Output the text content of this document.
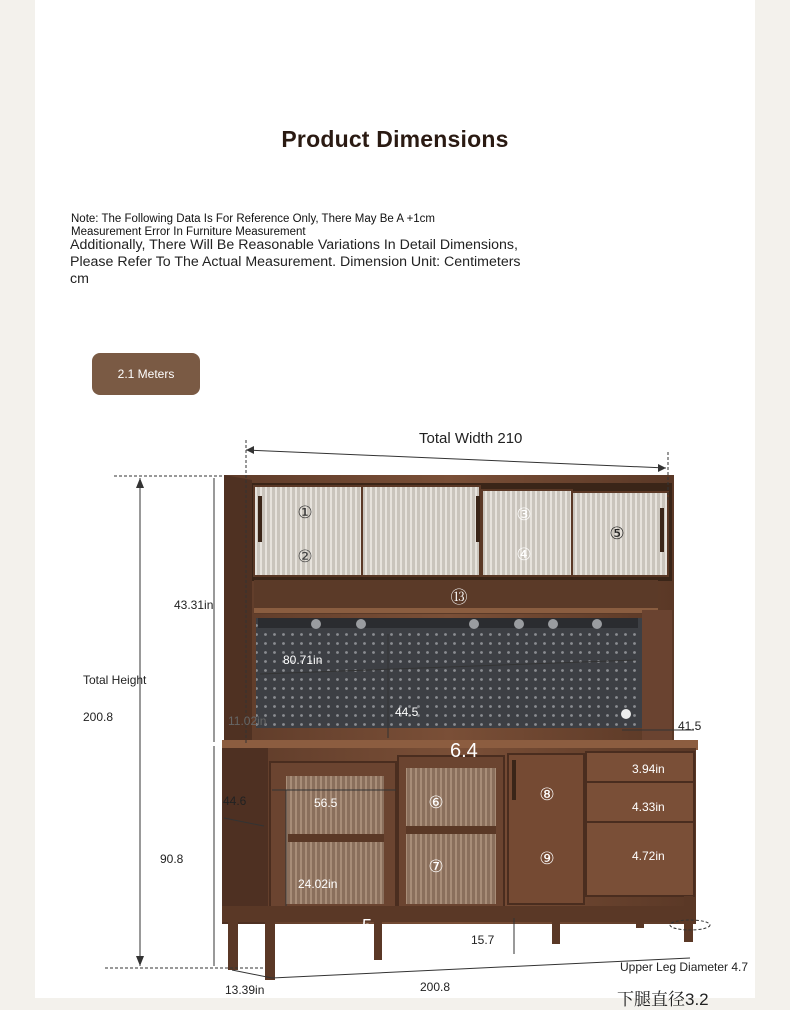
Product Dimensions
Note: The Following Data Is For Reference Only, There May Be A +1cm Measurement Error In Furniture Measurement
Additionally, There Will Be Reasonable Variations In Detail Dimensions, Please Refer To The Actual Measurement. Dimension Unit: Centimeters cm
2.1 Meters
①
②
③
④
⑤
⑥
⑦
⑧
⑨
⑬
Total Width 210
43.31in
Total Height
200.8
80.71in
11.02in
44.5
41.5
6.4
44.6	56.5
24.02in
90.8
3.94in
4.33in
4.72in
5
15.7
13.39in	200.8
Upper Leg Diameter 4.7
下腿直径3.2
